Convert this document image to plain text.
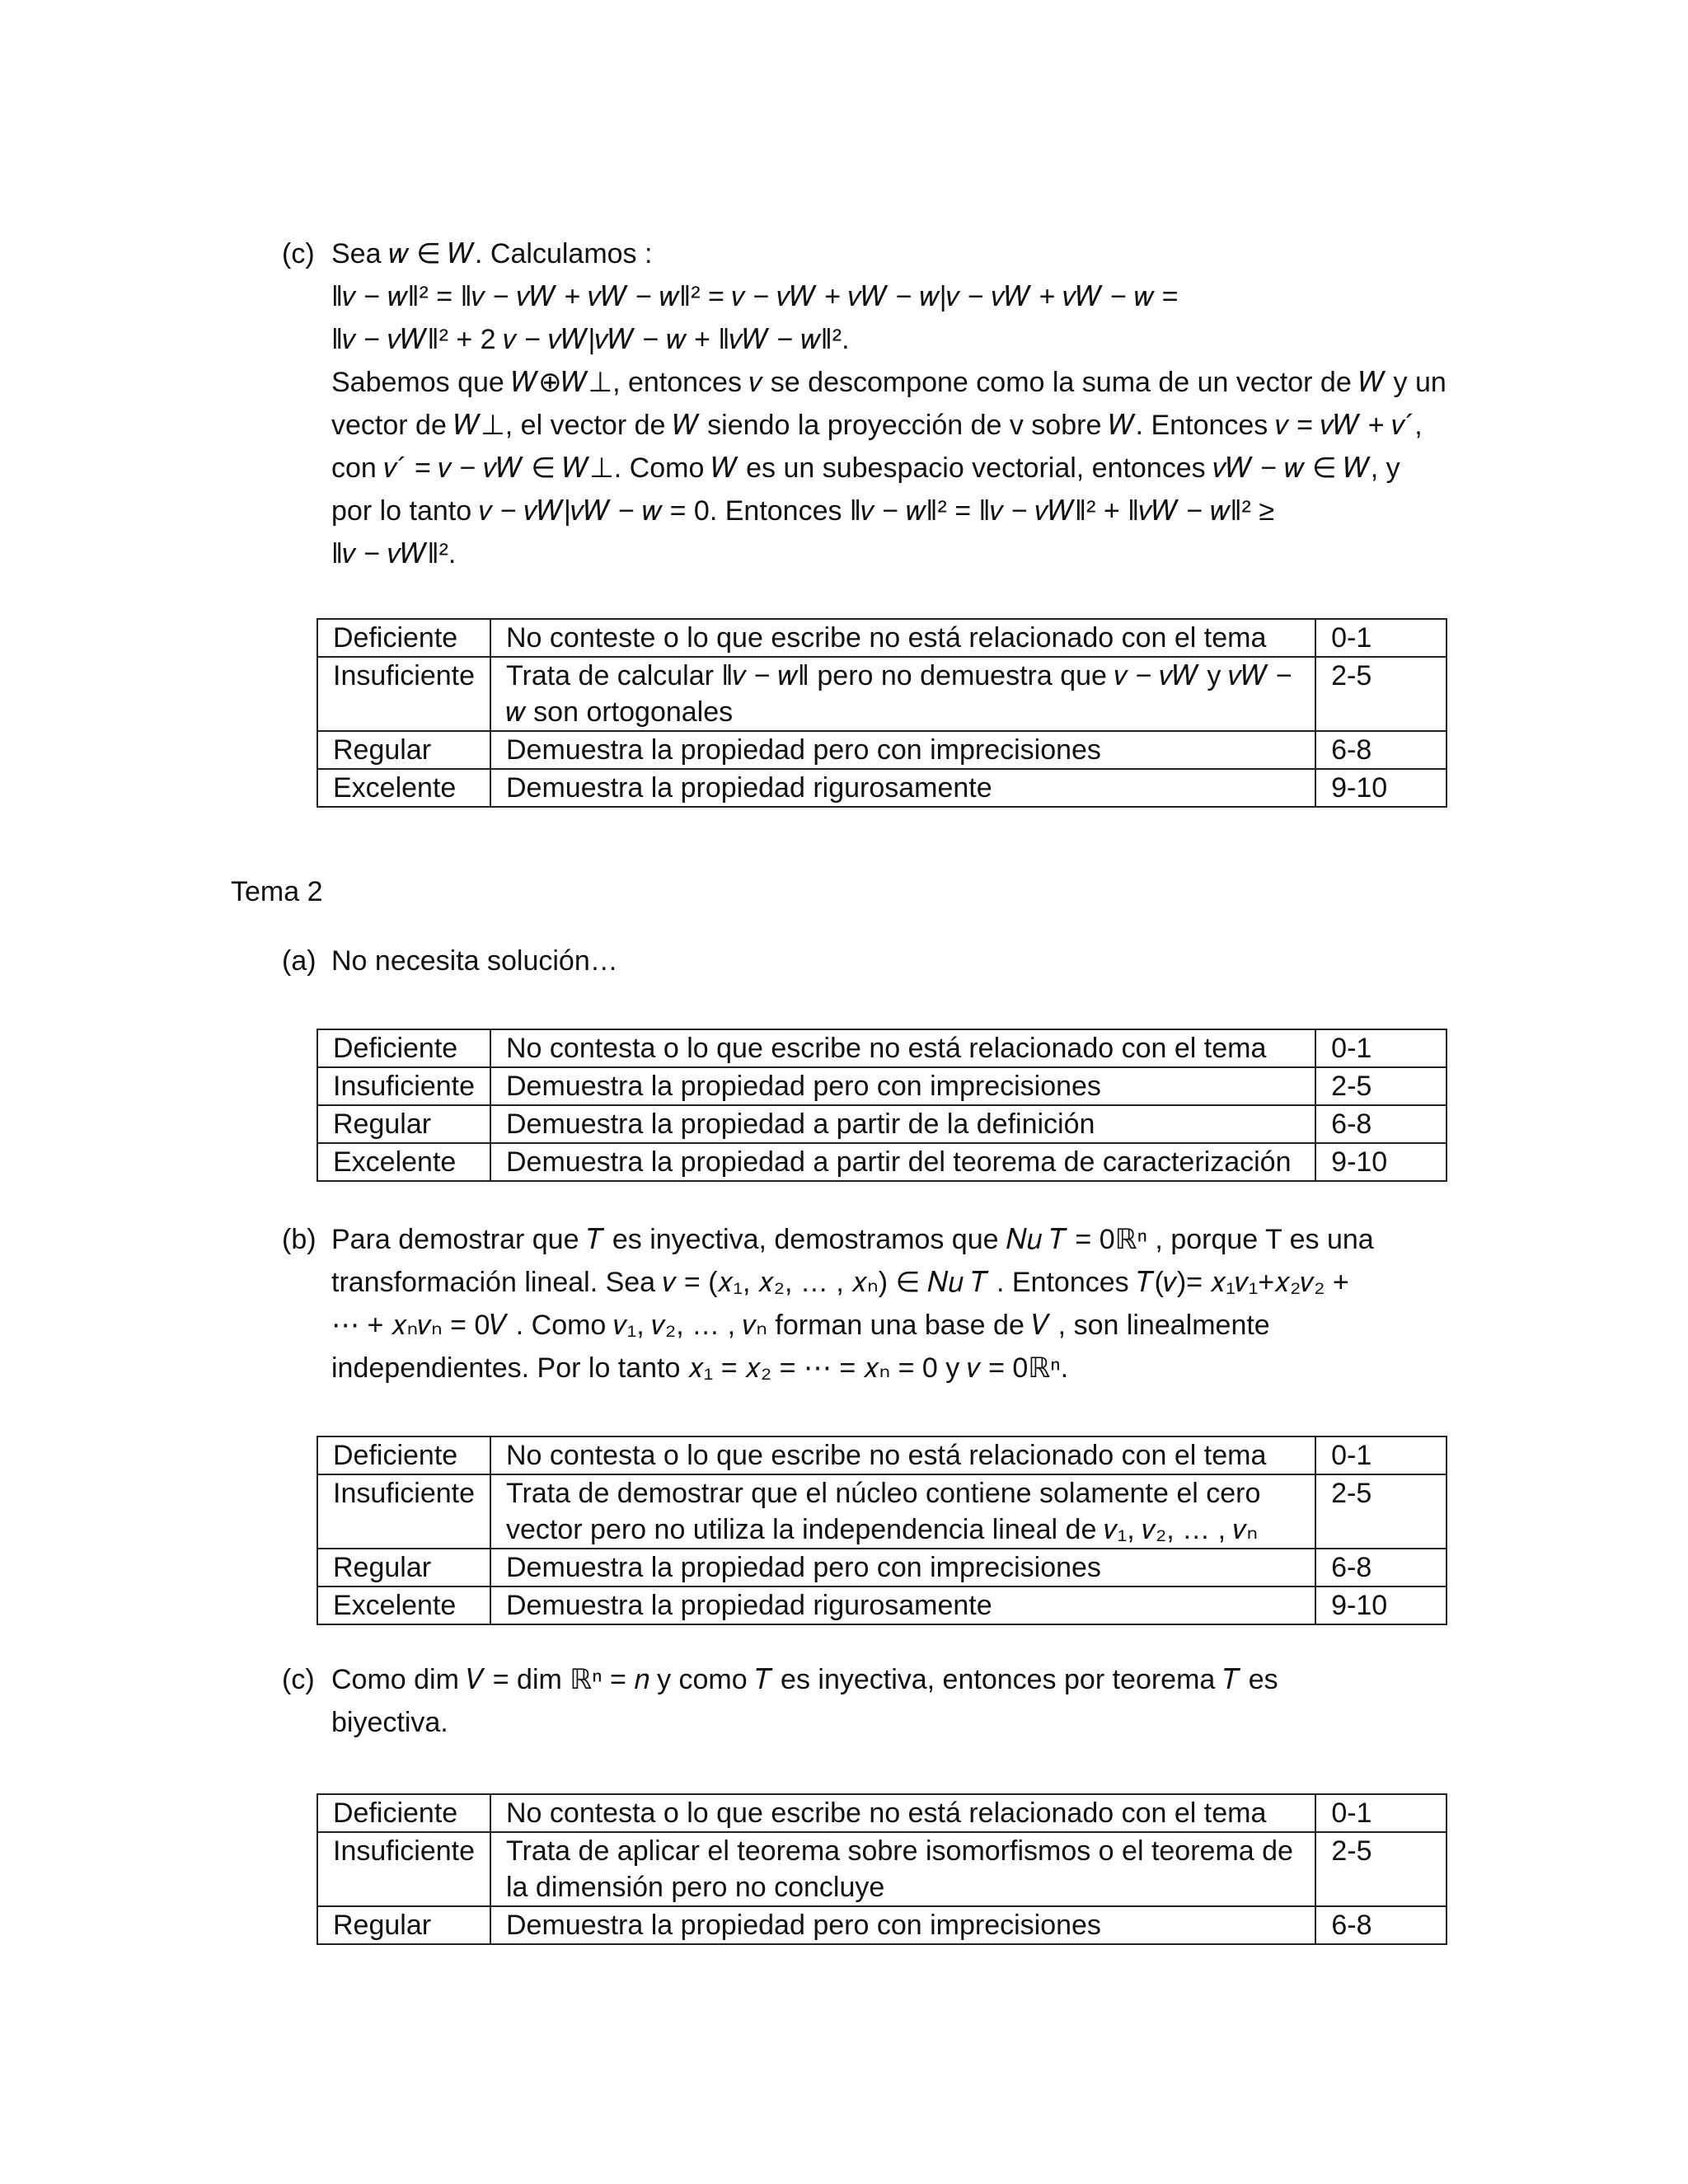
(c) Sea 𝑤 ∈ 𝑊. Calculamos :
‖𝑣 − 𝑤‖² = ‖𝑣 − 𝑣𝑊 + 𝑣𝑊 − 𝑤‖² = 𝑣 − 𝑣𝑊 + 𝑣𝑊 − 𝑤|𝑣 − 𝑣𝑊 + 𝑣𝑊 − 𝑤 =
‖𝑣 − 𝑣𝑊‖² + 2 𝑣 − 𝑣𝑊|𝑣𝑊 − 𝑤 + ‖𝑣𝑊 − 𝑤‖².
Sabemos que 𝑊⊕𝑊⊥, entonces 𝑣 se descompone como la suma de un vector de 𝑊 y un
vector de 𝑊⊥, el vector de 𝑊 siendo la proyección de v sobre 𝑊. Entonces 𝑣 = 𝑣𝑊 + 𝑣´,
con 𝑣´ = 𝑣 − 𝑣𝑊 ∈ 𝑊⊥. Como 𝑊 es un subespacio vectorial, entonces 𝑣𝑊 − 𝑤 ∈ 𝑊, y
por lo tanto 𝑣 − 𝑣𝑊|𝑣𝑊 − 𝑤 = 0. Entonces ‖𝑣 − 𝑤‖² = ‖𝑣 − 𝑣𝑊‖² + ‖𝑣𝑊 − 𝑤‖² ≥
‖𝑣 − 𝑣𝑊‖².
Deficiente	No conteste o lo que escribe no está relacionado con el tema	0-1
Insuficiente	Trata de calcular ‖𝑣 − 𝑤‖ pero no demuestra que 𝑣 − 𝑣𝑊 y 𝑣𝑊 − 𝑤 son ortogonales	2-5
Regular	Demuestra la propiedad pero con imprecisiones	6-8
Excelente	Demuestra la propiedad rigurosamente	9-10
Tema 2
(a) No necesita solución…
Deficiente	No contesta o lo que escribe no está relacionado con el tema	0-1
Insuficiente	Demuestra la propiedad pero con imprecisiones	2-5
Regular	Demuestra la propiedad a partir de la definición	6-8
Excelente	Demuestra la propiedad a partir del teorema de caracterización	9-10
(b) Para demostrar que 𝑇 es inyectiva, demostramos que 𝑁𝑢 𝑇 = 0ℝⁿ , porque T es una
transformación lineal. Sea 𝑣 = (𝑥₁, 𝑥₂, … , 𝑥ₙ) ∈ 𝑁𝑢 𝑇 . Entonces 𝑇(𝑣)= 𝑥₁𝑣₁+𝑥₂𝑣₂ +
⋯ + 𝑥ₙ𝑣ₙ = 0𝑉 . Como 𝑣₁, 𝑣₂, … , 𝑣ₙ forman una base de 𝑉 , son linealmente
independientes. Por lo tanto 𝑥₁ = 𝑥₂ = ⋯ = 𝑥ₙ = 0 y 𝑣 = 0ℝⁿ.
Deficiente	No contesta o lo que escribe no está relacionado con el tema	0-1
Insuficiente	Trata de demostrar que el núcleo contiene solamente el cero vector pero no utiliza la independencia lineal de 𝑣₁, 𝑣₂, … , 𝑣ₙ	2-5
Regular	Demuestra la propiedad pero con imprecisiones	6-8
Excelente	Demuestra la propiedad rigurosamente	9-10
(c) Como dim 𝑉 = dim ℝⁿ = 𝑛 y como 𝑇 es inyectiva, entonces por teorema 𝑇 es
biyectiva.
Deficiente	No contesta o lo que escribe no está relacionado con el tema	0-1
Insuficiente	Trata de aplicar el teorema sobre isomorfismos o el teorema de la dimensión pero no concluye	2-5
Regular	Demuestra la propiedad pero con imprecisiones	6-8
